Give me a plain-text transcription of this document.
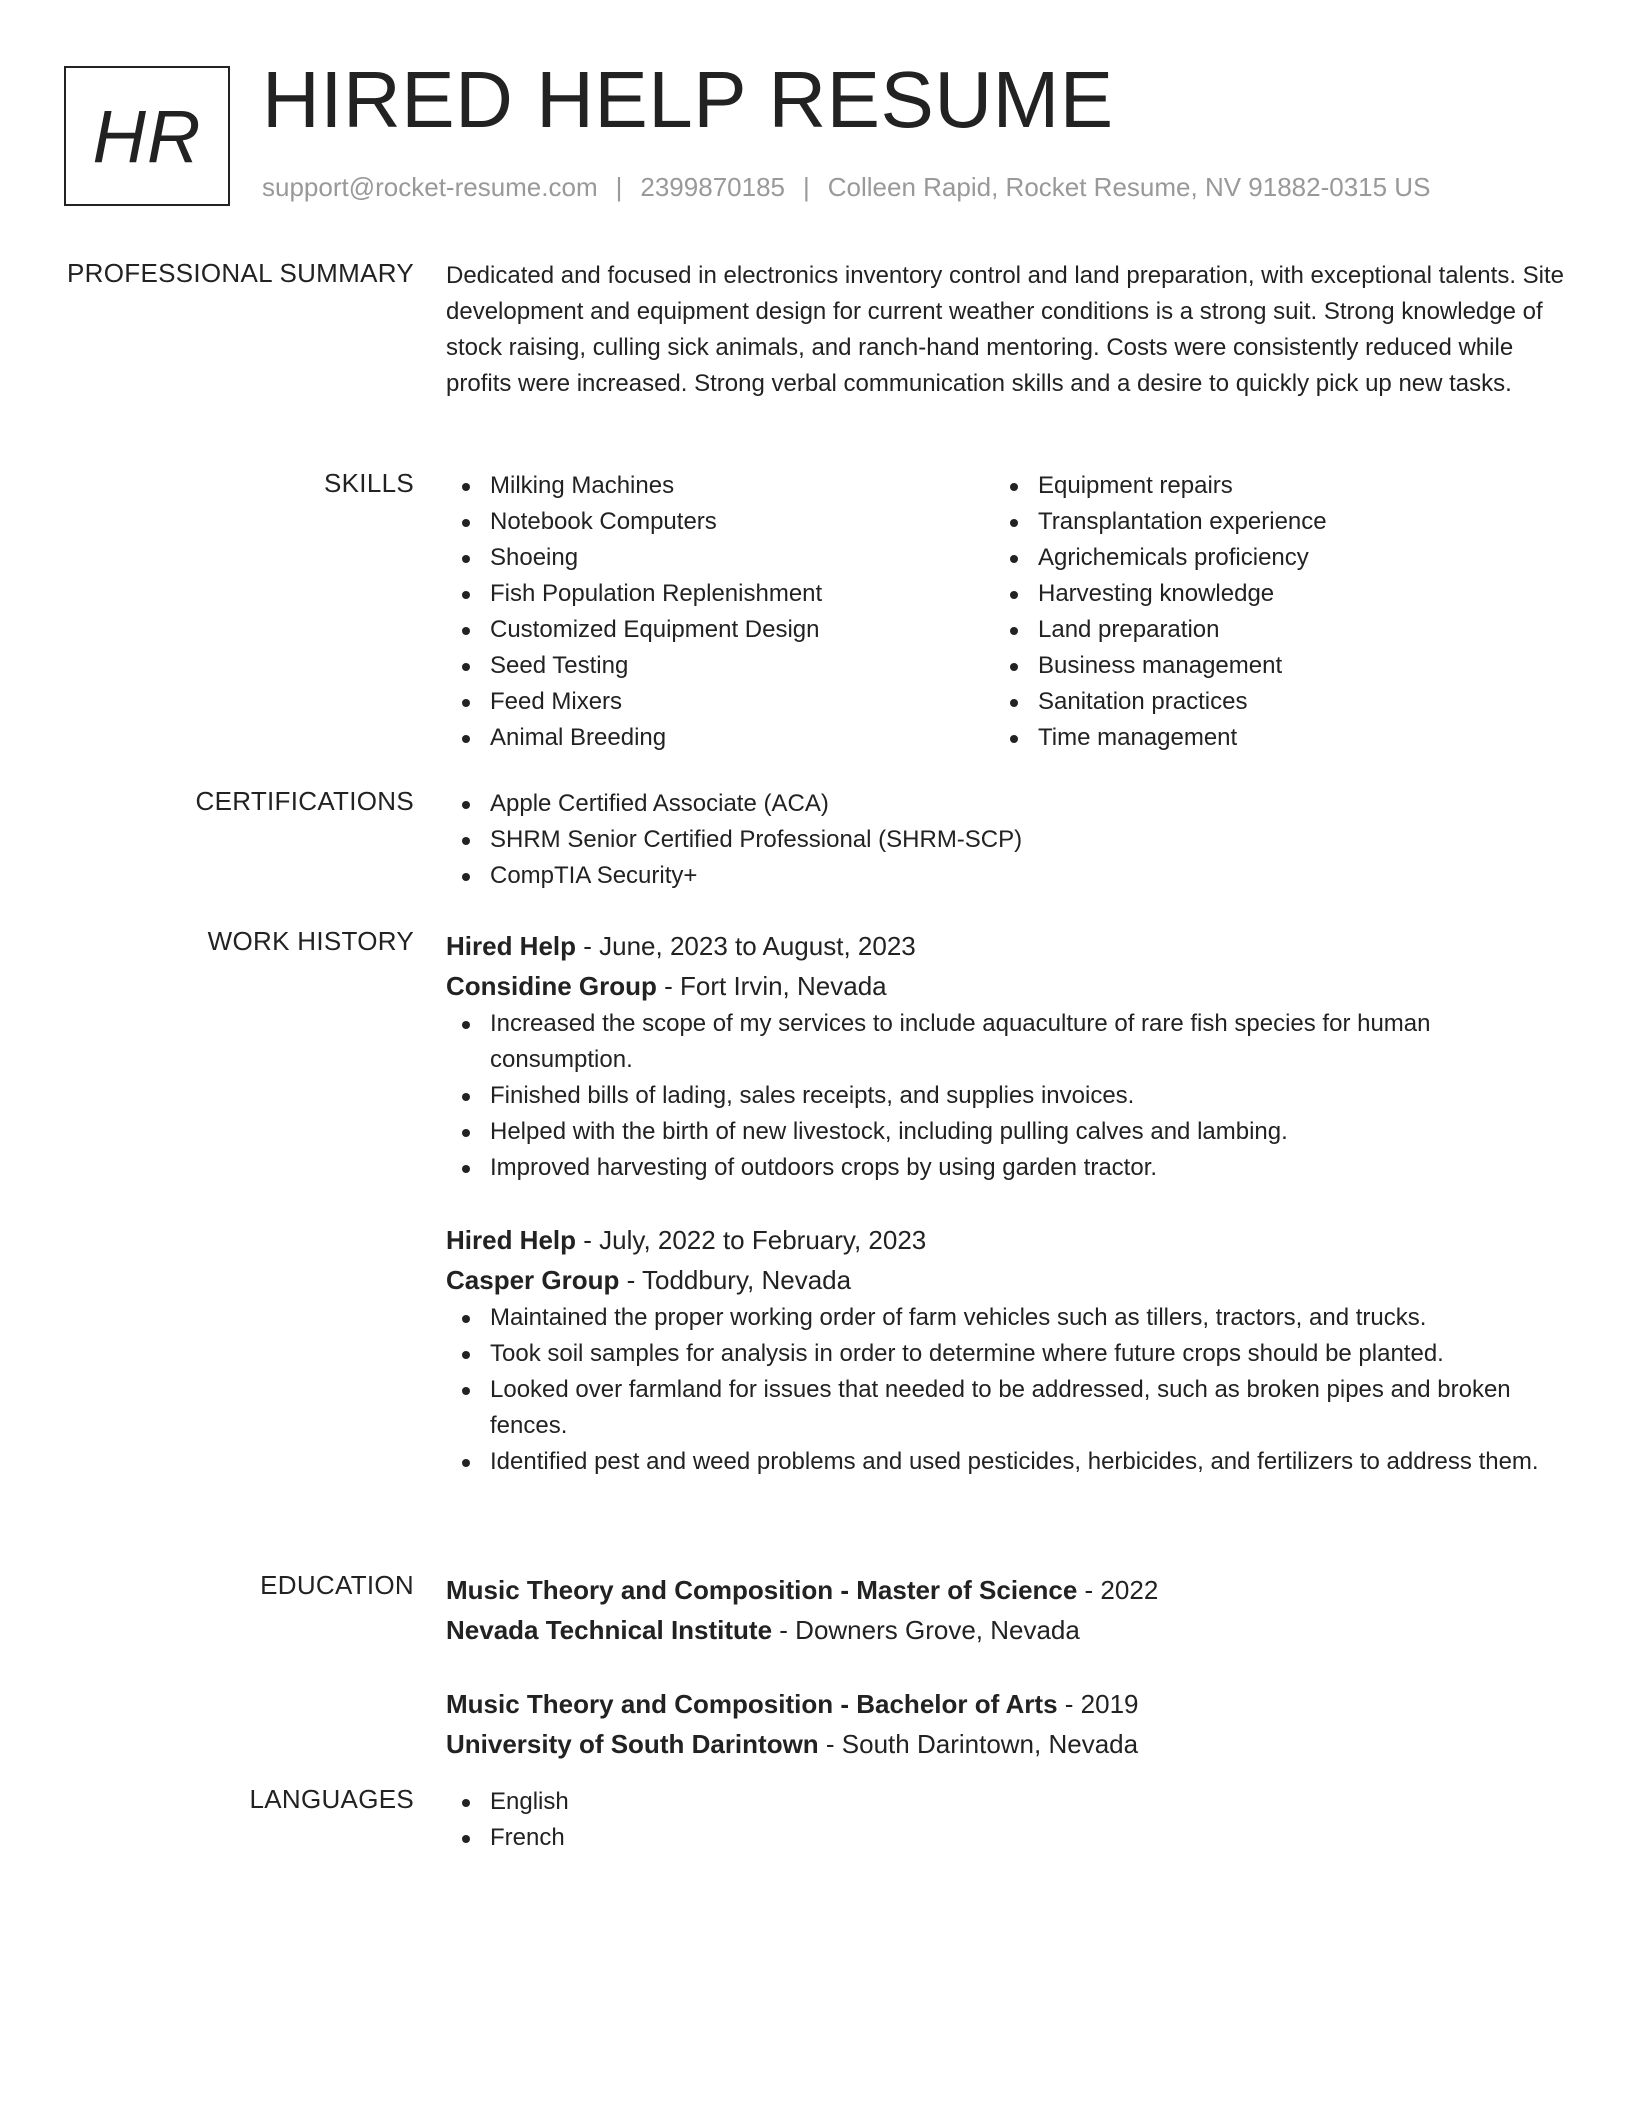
HR HIRED HELP RESUME
support@rocket-resume.com | 2399870185 | Colleen Rapid, Rocket Resume, NV 91882-0315 US
PROFESSIONAL SUMMARY Dedicated and focused in electronics inventory control and land preparation, with exceptional talents. Site development and equipment design for current weather conditions is a strong suit. Strong knowledge of stock raising, culling sick animals, and ranch-hand mentoring. Costs were consistently reduced while profits were increased. Strong verbal communication skills and a desire to quickly pick up new tasks.

SKILLS	Milking Machines
Notebook Computers
Shoeing
Fish Population Replenishment
Customized Equipment Design
Seed Testing
Feed Mixers
Animal Breeding
Equipment repairs
Transplantation experience
Agrichemicals proficiency
Harvesting knowledge
Land preparation
Business management
Sanitation practices
Time management
CERTIFICATIONS	Apple Certified Associate (ACA)
SHRM Senior Certified Professional (SHRM-SCP)
CompTIA Security+
WORK HISTORY Hired Help - June, 2023 to August, 2023
Considine Group - Fort Irvin, Nevada
Increased the scope of my services to include aquaculture of rare fish species for human consumption.
Finished bills of lading, sales receipts, and supplies invoices.
Helped with the birth of new livestock, including pulling calves and lambing.
Improved harvesting of outdoors crops by using garden tractor.
Hired Help - July, 2022 to February, 2023
Casper Group - Toddbury, Nevada
Maintained the proper working order of farm vehicles such as tillers, tractors, and trucks.
Took soil samples for analysis in order to determine where future crops should be planted.
Looked over farmland for issues that needed to be addressed, such as broken pipes and broken fences.
Identified pest and weed problems and used pesticides, herbicides, and fertilizers to address them.
EDUCATION Music Theory and Composition - Master of Science - 2022
Nevada Technical Institute - Downers Grove, Nevada
Music Theory and Composition - Bachelor of Arts - 2019
University of South Darintown - South Darintown, Nevada
LANGUAGES	English
French
